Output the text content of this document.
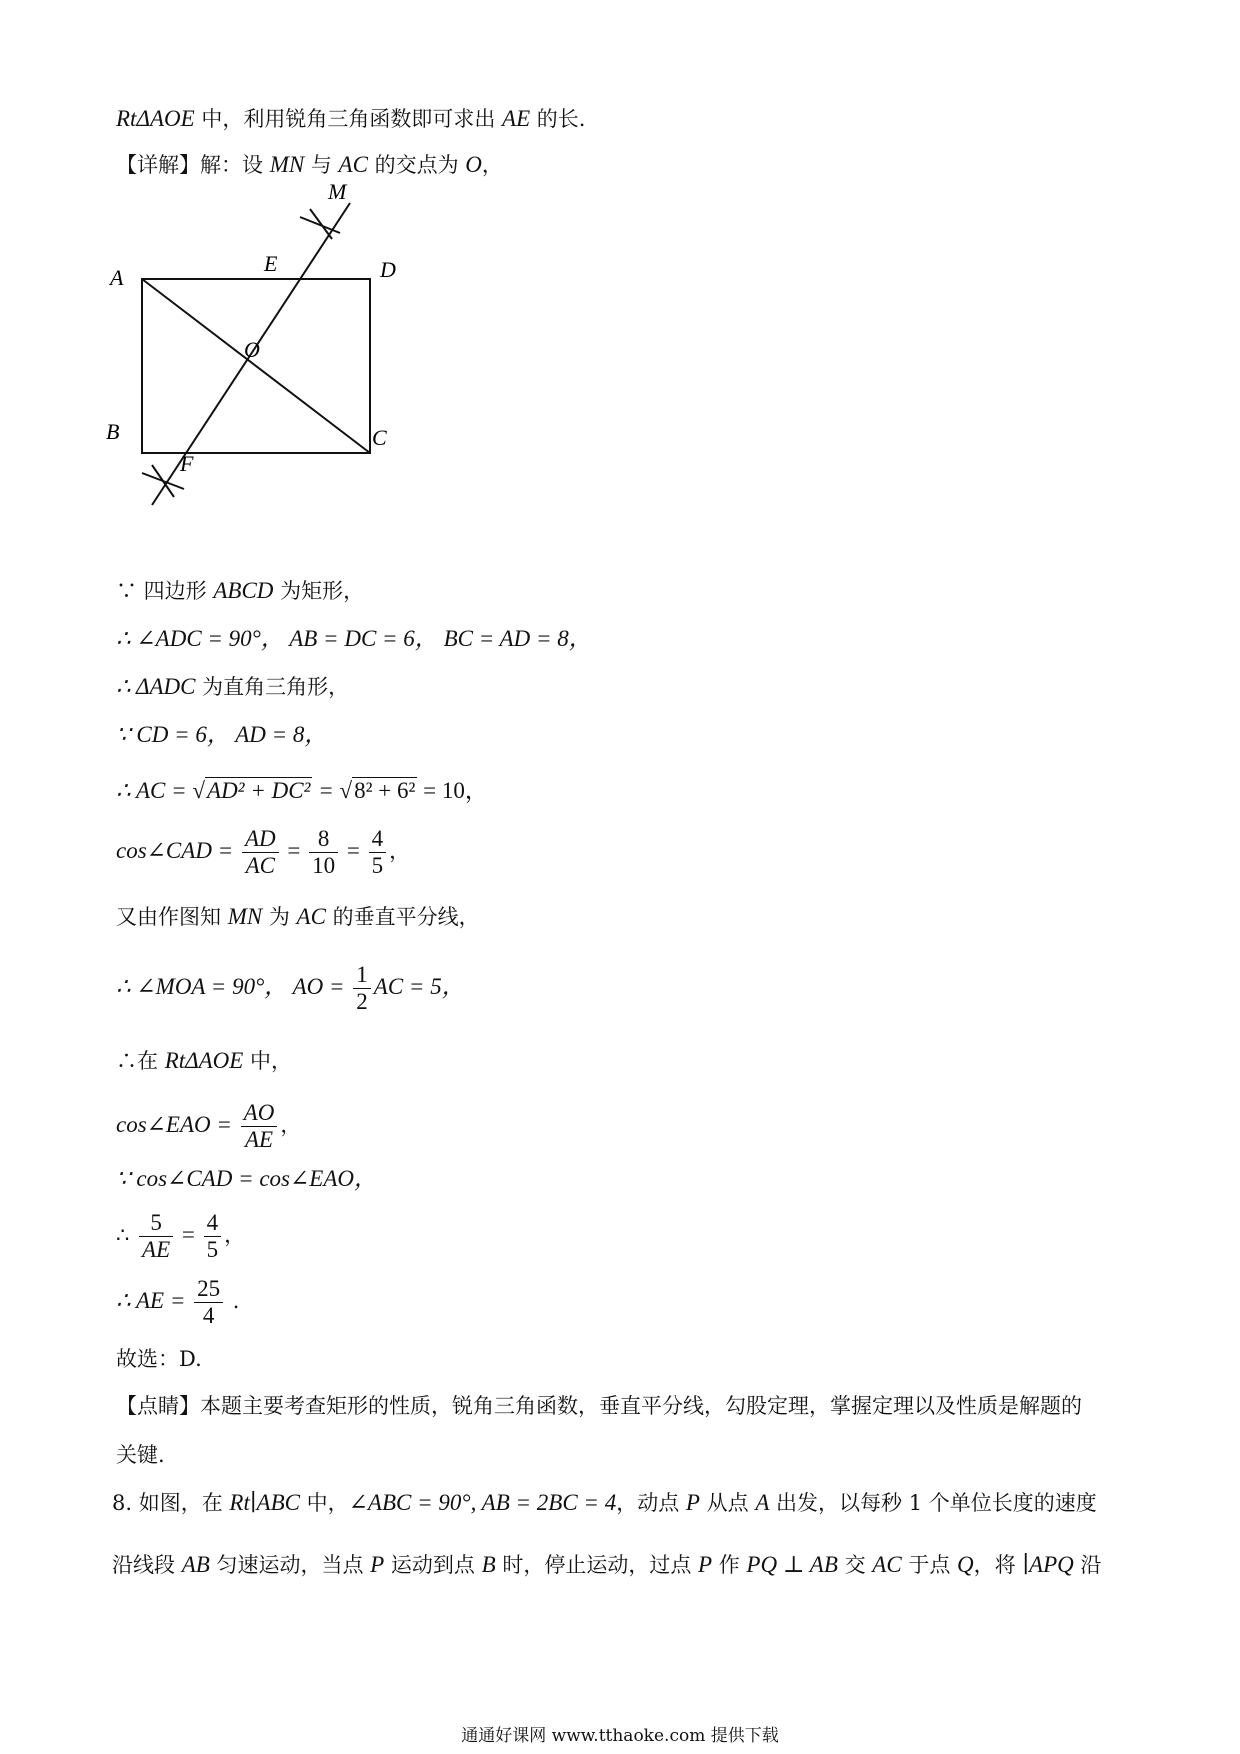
RtΔAOE 中，利用锐角三角函数即可求出 AE 的长.
【详解】解：设 MN 与 AC 的交点为 O，
A	D
E
M
O
B
F
C
∵ 四边形 ABCD 为矩形，
∴ ∠ADC = 90°， AB = DC = 6， BC = AD = 8，
∴ ΔADC 为直角三角形，
∵ CD = 6， AD = 8，
∴ AC = √AD² + DC² = √8² + 6² = 10，
cos∠CAD = $\frac{AD}{AC} = \frac{8}{10} = \frac{4}{5}$ ，
又由作图知 MN 为 AC 的垂直平分线，
∴ ∠MOA = 90°， AO = $\frac{1}{2}$ AC = 5，
∴在 RtΔAOE 中，
cos∠EAO = $\frac{AO}{AE}$ ，
∵ cos∠CAD = cos∠EAO，
∴ $\frac{5}{AE} = \frac{4}{5}$ ，
∴ AE = $\frac{25}{4}$ .
故选：D.
【点睛】本题主要考查矩形的性质，锐角三角函数，垂直平分线，勾股定理，掌握定理以及性质是解题的
关键.
8. 如图，在 Rt∣ABC 中，∠ABC = 90°, AB = 2BC = 4，动点 P 从点 A 出发，以每秒 1 个单位长度的速度
沿线段 AB 匀速运动，当点 P 运动到点 B 时，停止运动，过点 P 作 PQ ⊥ AB 交 AC 于点 Q，将 ∣APQ 沿
通通好课网 www.tthaoke.com 提供下载
